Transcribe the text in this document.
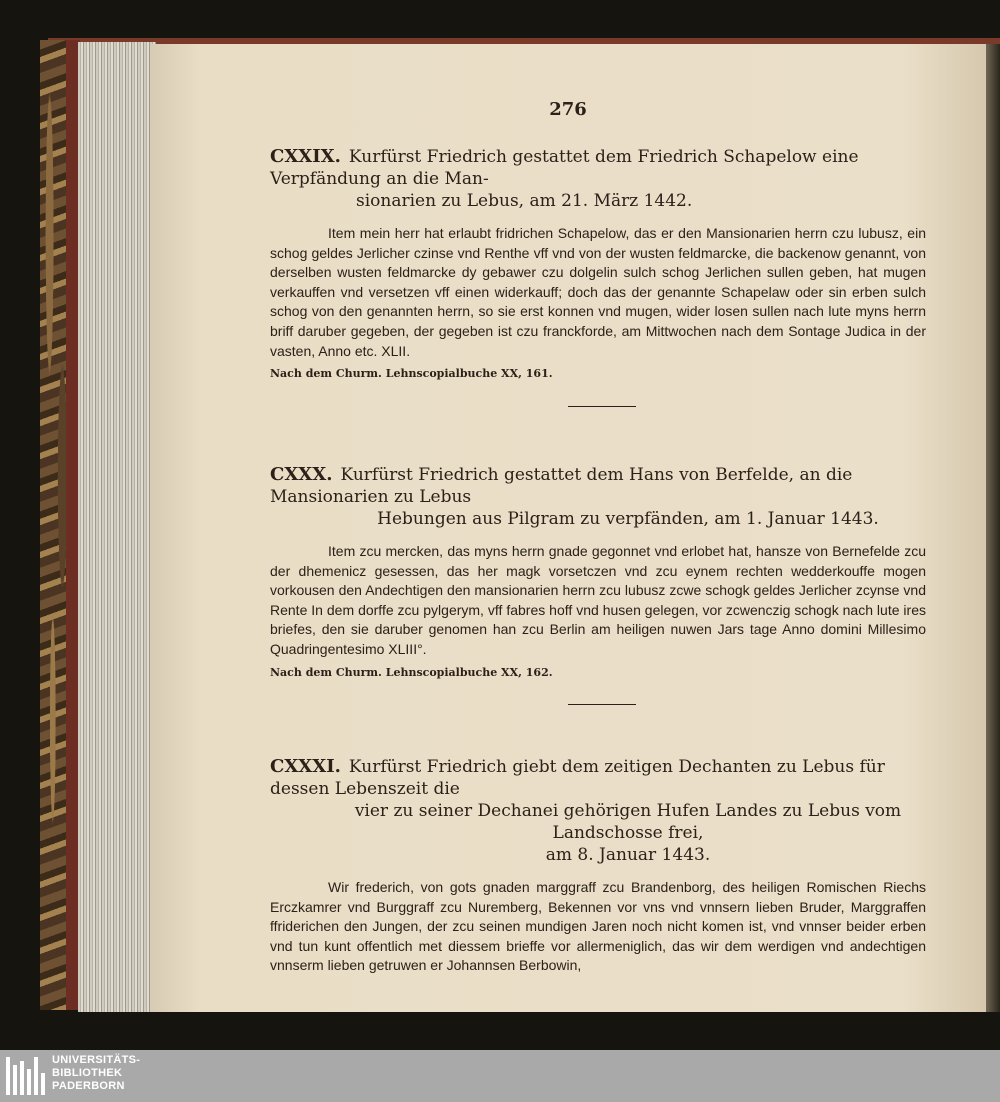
276

CXXIX. Kurfürst Friedrich gestattet dem Friedrich Schapelow eine Verpfändung an die Man-
sionarien zu Lebus, am 21. März 1442.

Item mein herr hat erlaubt fridrichen Schapelow, das er den Mansionarien herrn czu lubusz, ein schog geldes Jerlicher czinse vnd Renthe vff vnd von der wusten feldmarcke, die backenow genannt, von derselben wusten feldmarcke dy gebawer czu dolgelin sulch schog Jerlichen sullen geben, hat mugen verkauffen vnd versetzen vff einen widerkauff; doch das der genannte Schapelaw oder sin erben sulch schog von den genannten herrn, so sie erst konnen vnd mugen, wider losen sullen nach lute myns herrn briff daruber gegeben, der gegeben ist czu franckforde, am Mittwochen nach dem Sontage Judica in der vasten, Anno etc. XLII.

Nach dem Churm. Lehnscopialbuche XX, 161.

CXXX. Kurfürst Friedrich gestattet dem Hans von Berfelde, an die Mansionarien zu Lebus
Hebungen aus Pilgram zu verpfänden, am 1. Januar 1443.

Item zcu mercken, das myns herrn gnade gegonnet vnd erlobet hat, hansze von Bernefelde zcu der dhemenicz gesessen, das her magk vorsetczen vnd zcu eynem rechten wedderkouffe mogen vorkousen den Andechtigen den mansionarien herrn zcu lubusz zcwe schogk geldes Jerlicher zcynse vnd Rente In dem dorffe zcu pylgerym, vff fabres hoff vnd husen gelegen, vor zcwenczig schogk nach lute ires briefes, den sie daruber genomen han zcu Berlin am heiligen nuwen Jars tage Anno domini Millesimo Quadringentesimo XLIII°.

Nach dem Churm. Lehnscopialbuche XX, 162.

CXXXI. Kurfürst Friedrich giebt dem zeitigen Dechanten zu Lebus für dessen Lebenszeit die
vier zu seiner Dechanei gehörigen Hufen Landes zu Lebus vom Landschosse frei,
am 8. Januar 1443.

Wir frederich, von gots gnaden marggraff zcu Brandenborg, des heiligen Romischen Riechs Erczkamrer vnd Burggraff zcu Nuremberg, Bekennen vor vns vnd vnnsern lieben Bruder, Marggraffen ffriderichen den Jungen, der zcu seinen mundigen Jaren noch nicht komen ist, vnd vnnser beider erben vnd tun kunt offentlich met diessem brieffe vor allermeniglich, das wir dem werdigen vnd andechtigen vnnserm lieben getruwen er Johannsen Berbowin,

UNIVERSITÄTS-
BIBLIOTHEK
PADERBORN
